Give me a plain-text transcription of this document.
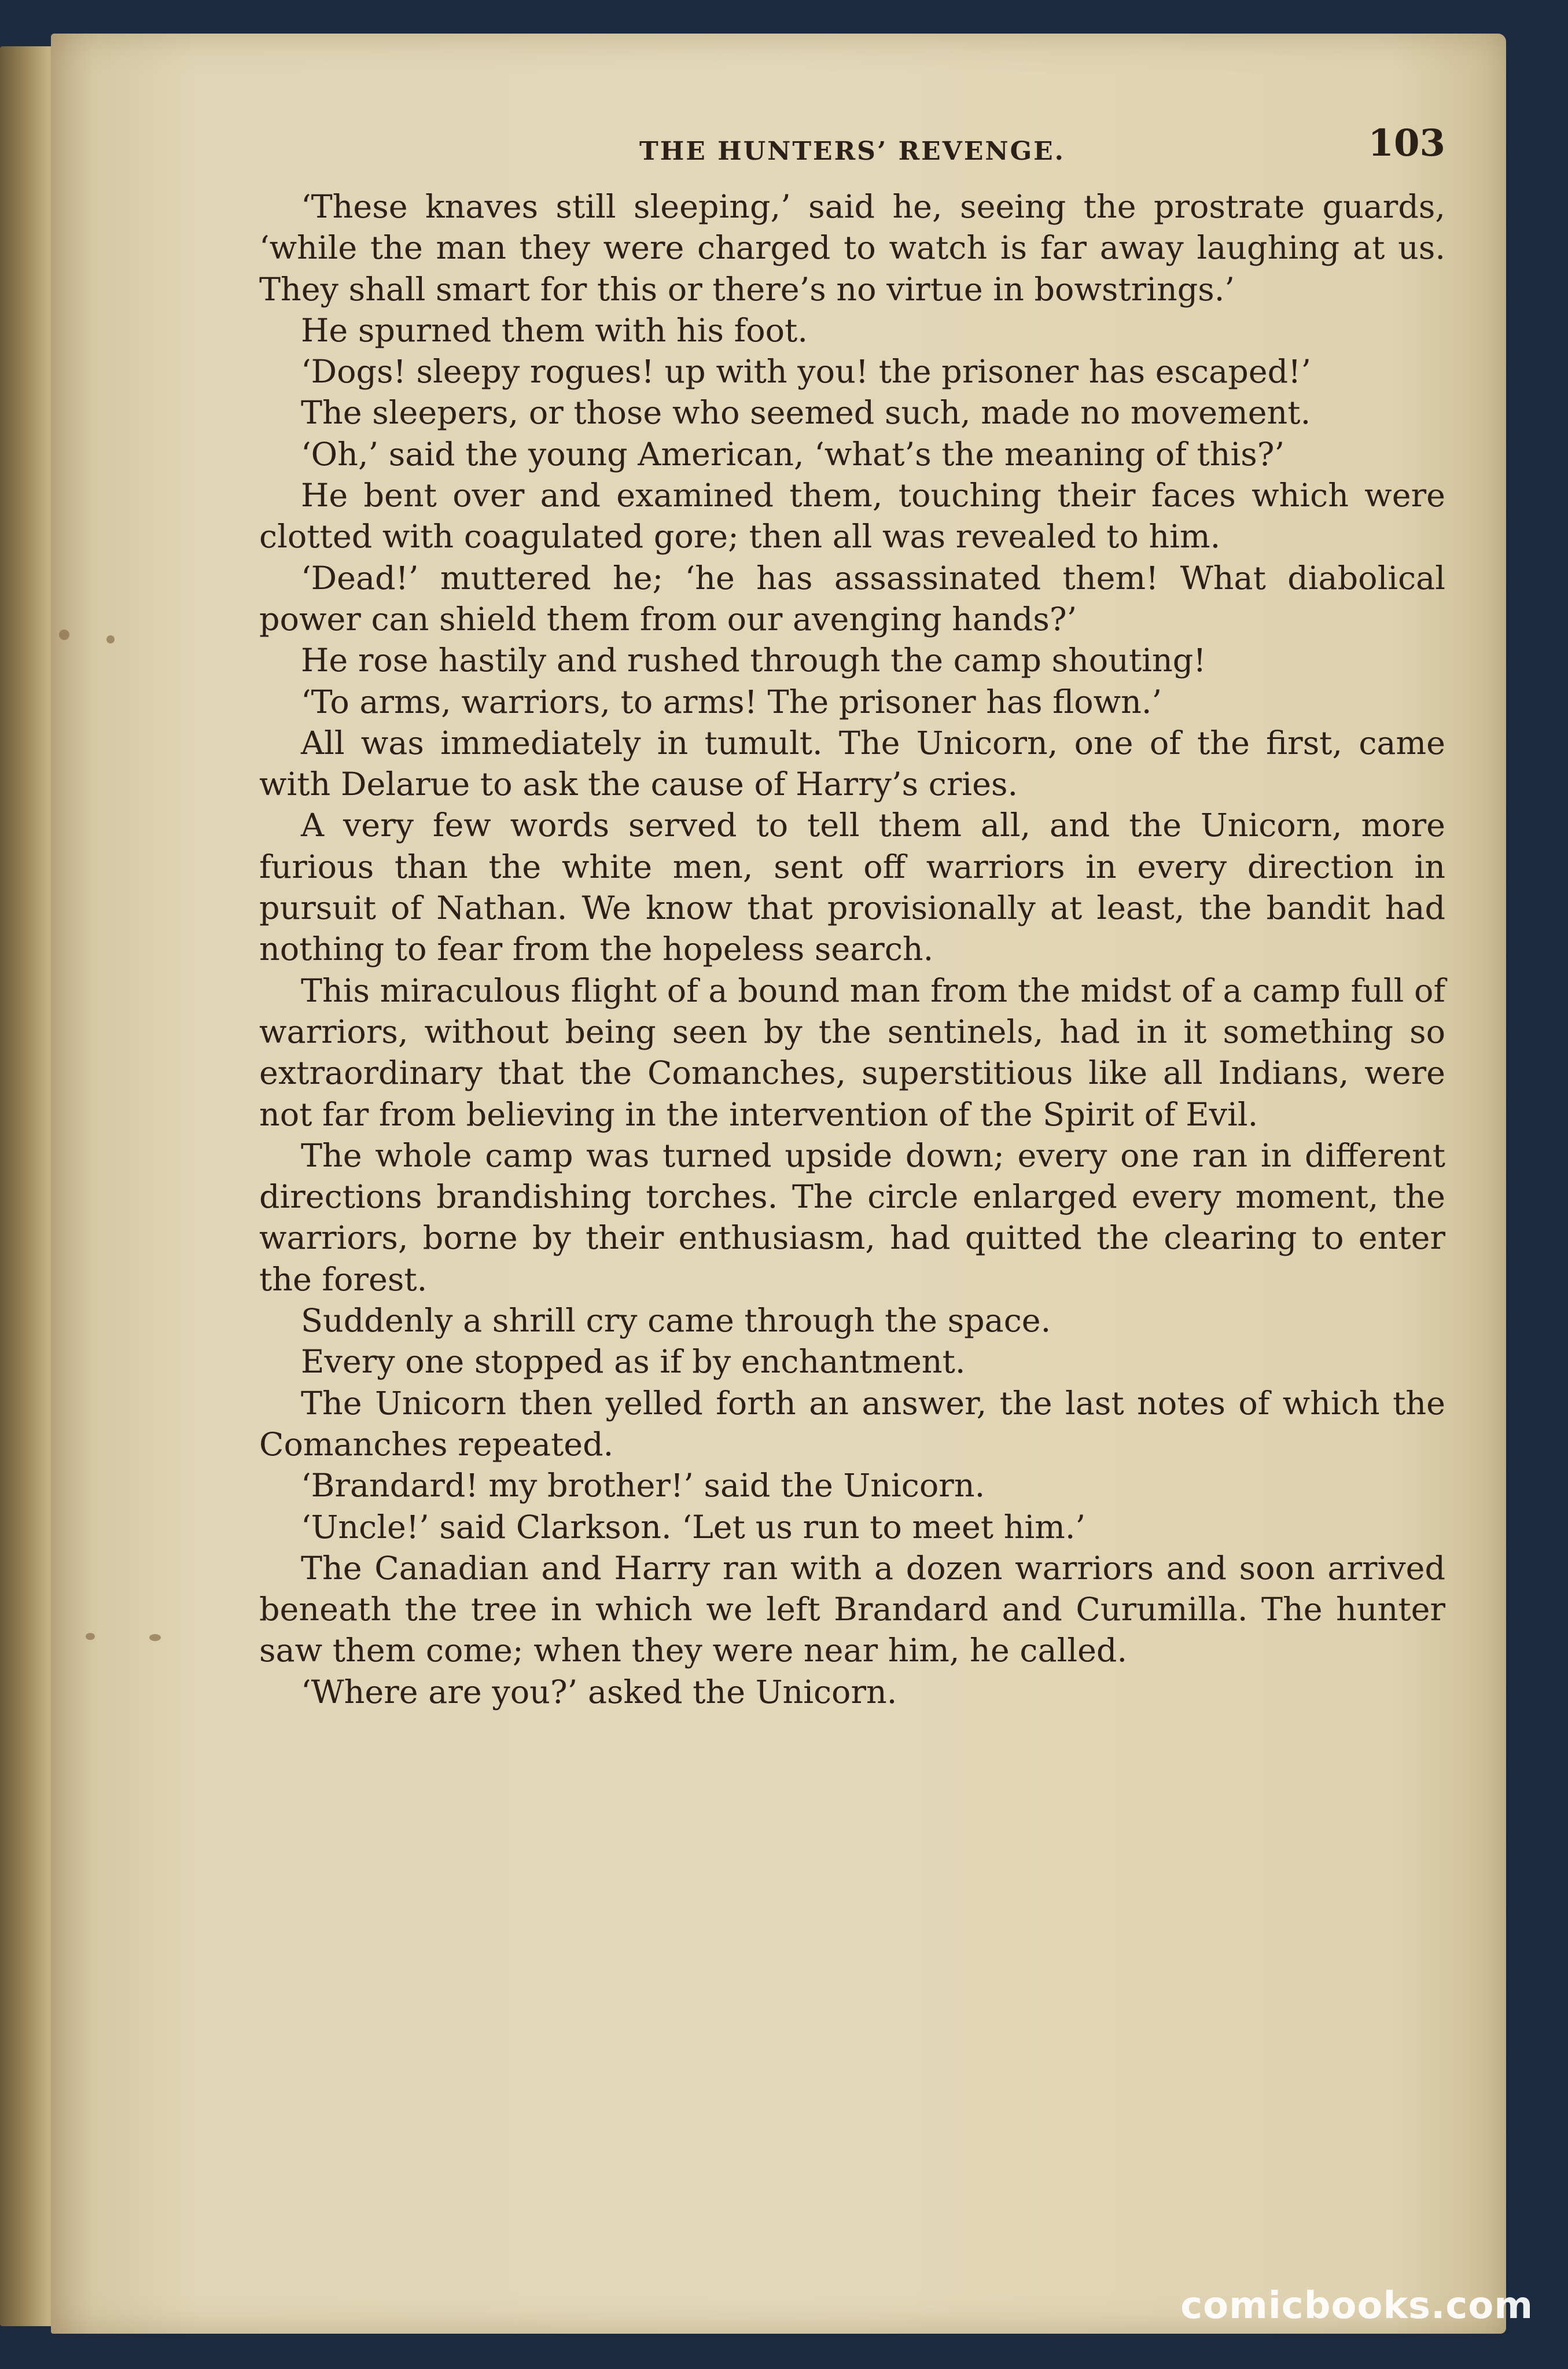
THE HUNTERS’ REVENGE.	103

‘These knaves still sleeping,’ said he, seeing the prostrate guards, ‘while the man they were charged to watch is far away laughing at us. They shall smart for this or there’s no virtue in bowstrings.’

He spurned them with his foot.

‘Dogs! sleepy rogues! up with you! the prisoner has escaped!’

The sleepers, or those who seemed such, made no movement.

‘Oh,’ said the young American, ‘what’s the meaning of this?’

He bent over and examined them, touching their faces which were clotted with coagulated gore; then all was revealed to him.

‘Dead!’ muttered he; ‘he has assassinated them! What diabolical power can shield them from our avenging hands?’

He rose hastily and rushed through the camp shouting!

‘To arms, warriors, to arms! The prisoner has flown.’

All was immediately in tumult. The Unicorn, one of the first, came with Delarue to ask the cause of Harry’s cries.

A very few words served to tell them all, and the Unicorn, more furious than the white men, sent off warriors in every direction in pursuit of Nathan. We know that provisionally at least, the bandit had nothing to fear from the hopeless search.

This miraculous flight of a bound man from the midst of a camp full of warriors, without being seen by the sentinels, had in it something so extraordinary that the Comanches, superstitious like all Indians, were not far from believing in the intervention of the Spirit of Evil.

The whole camp was turned upside down; every one ran in different directions brandishing torches. The circle enlarged every moment, the warriors, borne by their enthusiasm, had quitted the clearing to enter the forest.

Suddenly a shrill cry came through the space.

Every one stopped as if by enchantment.

The Unicorn then yelled forth an answer, the last notes of which the Comanches repeated.

‘Brandard! my brother!’ said the Unicorn.

‘Uncle!’ said Clarkson. ‘Let us run to meet him.’

The Canadian and Harry ran with a dozen warriors and soon arrived beneath the tree in which we left Brandard and Curumilla. The hunter saw them come; when they were near him, he called.

‘Where are you?’ asked the Unicorn.

comicbooks.com
